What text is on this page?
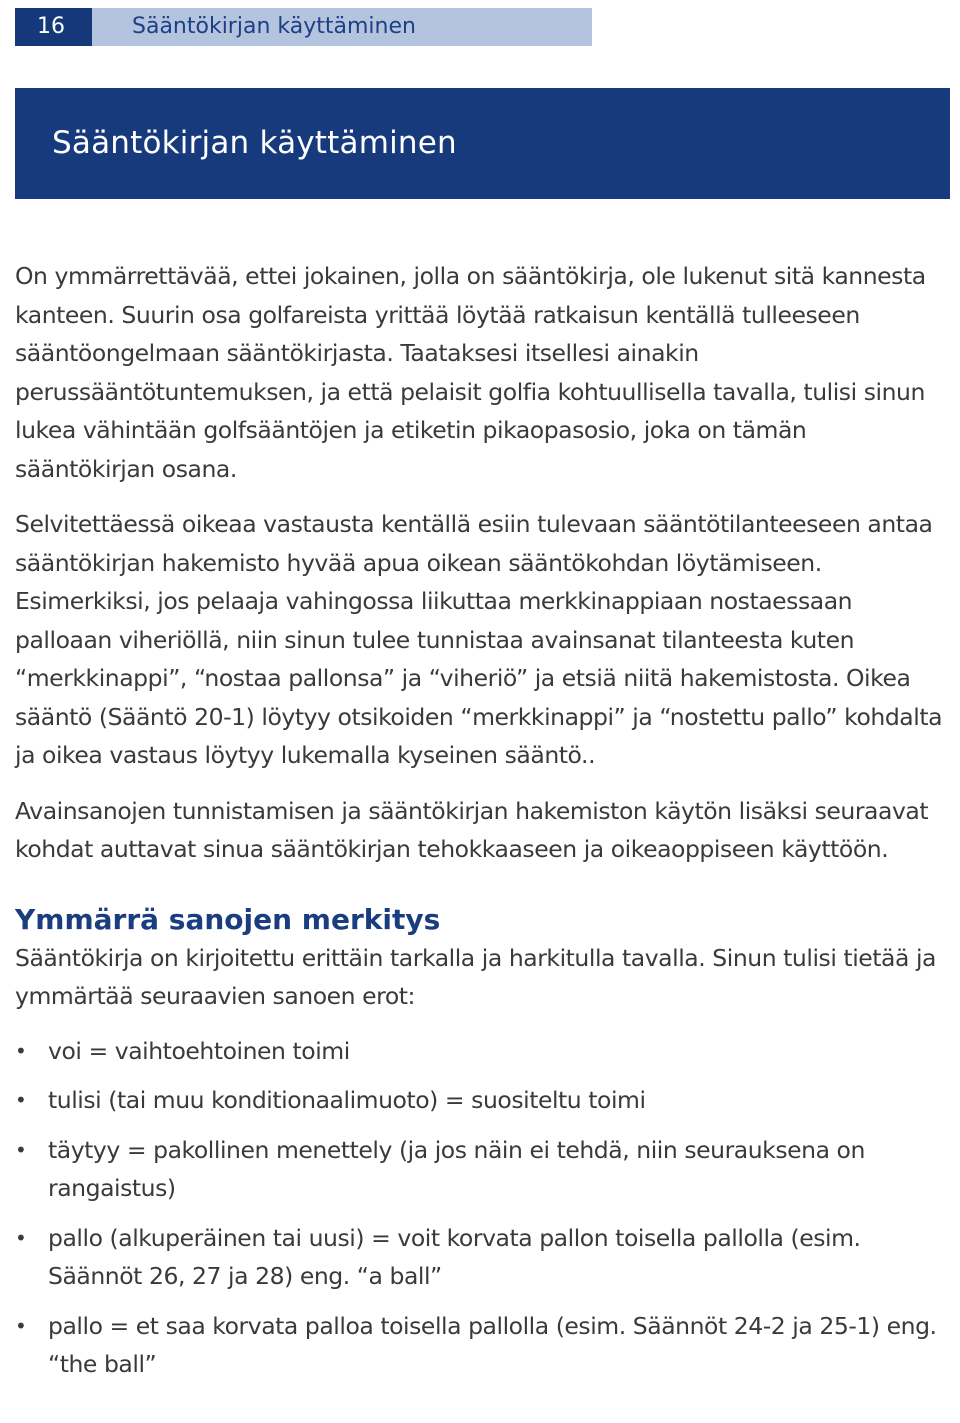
16	Sääntökirjan käyttäminen
Sääntökirjan käyttäminen

On ymmärrettävää, ettei jokainen, jolla on sääntökirja, ole lukenut sitä kannesta kanteen. Suurin osa golfareista yrittää löytää ratkaisun kentällä tulleeseen sääntöongelmaan sääntökirjasta. Taataksesi itsellesi ainakin perussääntötuntemuksen, ja että pelaisit golfia kohtuullisella tavalla, tulisi sinun lukea vähintään golfsääntöjen ja etiketin pikaopasosio, joka on tämän sääntökirjan osana.

Selvitettäessä oikeaa vastausta kentällä esiin tulevaan sääntötilanteeseen antaa sääntökirjan hakemisto hyvää apua oikean sääntökohdan löytämiseen. Esimerkiksi, jos pelaaja vahingossa liikuttaa merkkinappiaan nostaessaan palloaan viheriöllä, niin sinun tulee tunnistaa avainsanat tilanteesta kuten “merkkinappi”, “nostaa pallonsa” ja “viheriö” ja etsiä niitä hakemistosta. Oikea sääntö (Sääntö 20-1) löytyy otsikoiden “merkkinappi” ja “nostettu pallo” kohdalta ja oikea vastaus löytyy lukemalla kyseinen sääntö..

Avainsanojen tunnistamisen ja sääntökirjan hakemiston käytön lisäksi seuraavat kohdat auttavat sinua sääntökirjan tehokkaaseen ja oikeaoppiseen käyttöön.

Ymmärrä sanojen merkitys

Sääntökirja on kirjoitettu erittäin tarkalla ja harkitulla tavalla. Sinun tulisi tietää ja ymmärtää seuraavien sanoen erot:

• voi = vaihtoehtoinen toimi
• tulisi (tai muu konditionaalimuoto) = suositeltu toimi
• täytyy = pakollinen menettely (ja jos näin ei tehdä, niin seurauksena on rangaistus)
• pallo (alkuperäinen tai uusi) = voit korvata pallon toisella pallolla (esim. Säännöt 26, 27 ja 28) eng. “a ball”
• pallo = et saa korvata palloa toisella pallolla (esim. Säännöt 24-2 ja 25-1) eng. “the ball”
